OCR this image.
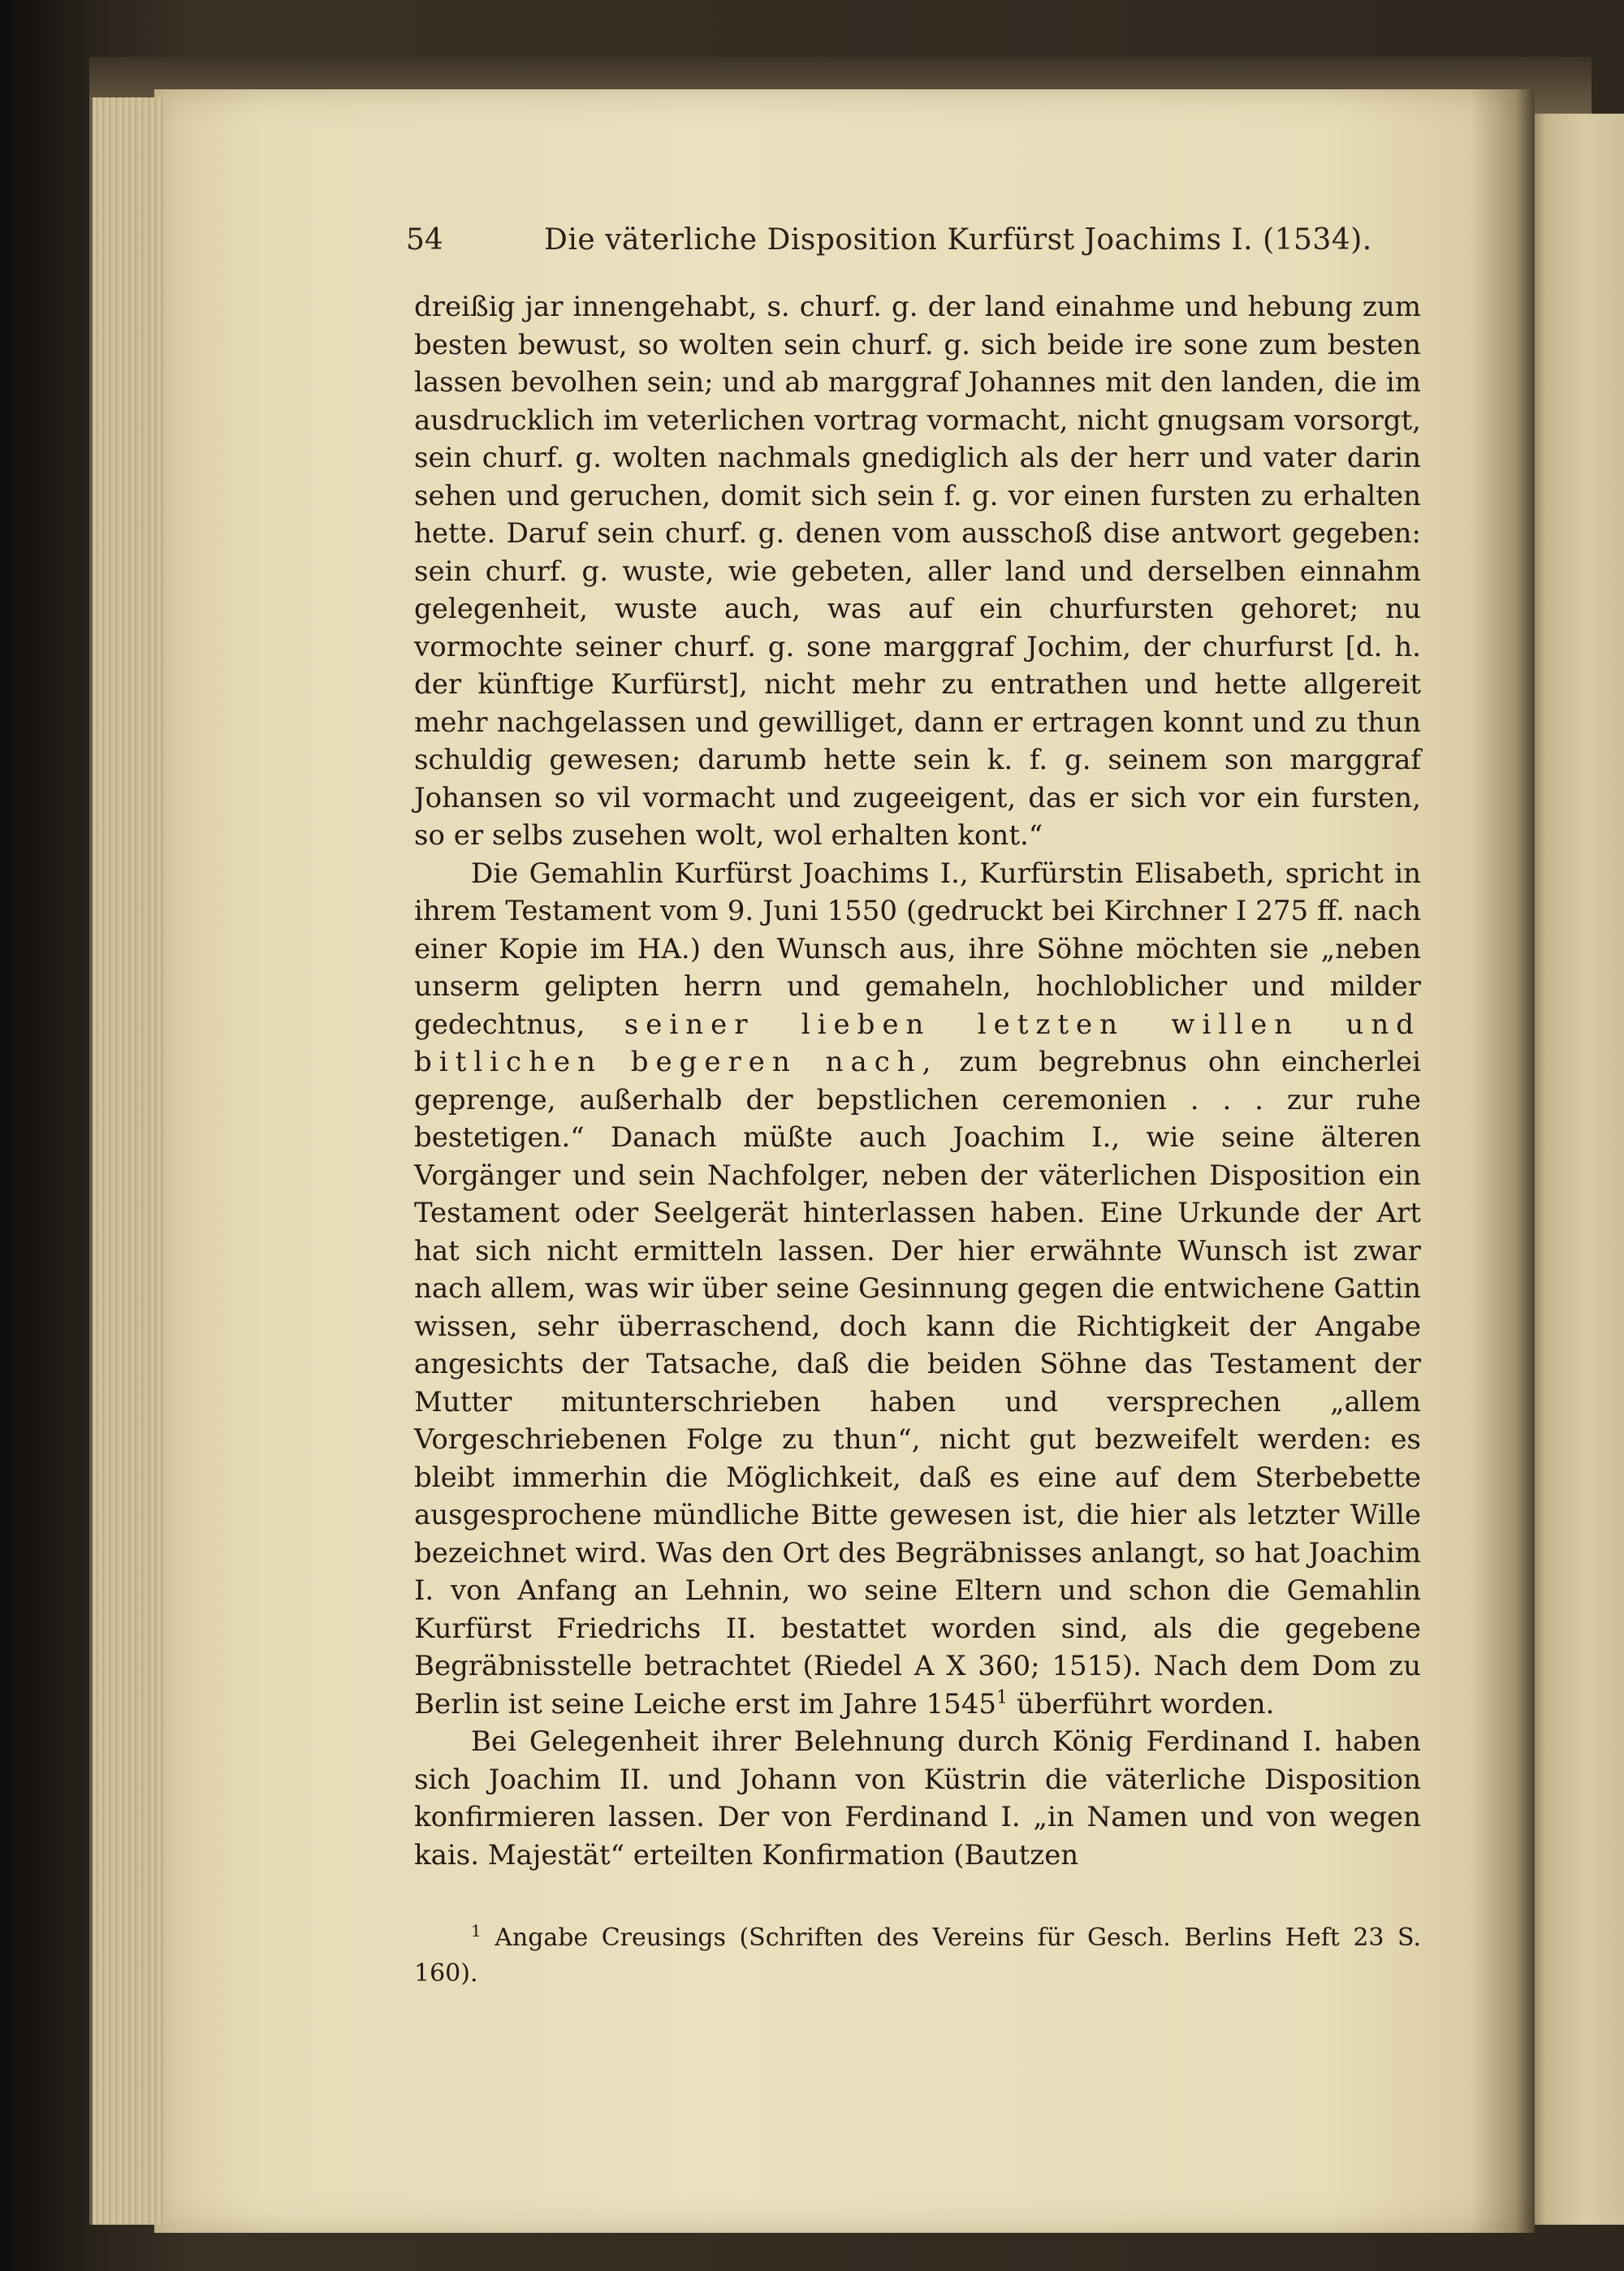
54	Die väterliche Disposition Kurfürst Joachims I. (1534).

dreißig jar innengehabt, s. churf. g. der land einahme und hebung zum besten bewust, so wolten sein churf. g. sich beide ire sone zum besten lassen bevolhen sein; und ab marggraf Johannes mit den landen, die im ausdrucklich im veterlichen vortrag vormacht, nicht gnugsam vorsorgt, sein churf. g. wolten nachmals gnediglich als der herr und vater darin sehen und geruchen, domit sich sein f. g. vor einen fursten zu erhalten hette. Daruf sein churf. g. denen vom ausschoß dise antwort gegeben: sein churf. g. wuste, wie gebeten, aller land und derselben einnahm gelegenheit, wuste auch, was auf ein churfursten gehoret; nu vormochte seiner churf. g. sone marggraf Jochim, der churfurst [d. h. der künftige Kurfürst], nicht mehr zu entrathen und hette allgereit mehr nachgelassen und gewilliget, dann er ertragen konnt und zu thun schuldig gewesen; darumb hette sein k. f. g. seinem son marggraf Johansen so vil vormacht und zugeeigent, das er sich vor ein fursten, so er selbs zusehen wolt, wol erhalten kont.“

Die Gemahlin Kurfürst Joachims I., Kurfürstin Elisabeth, spricht in ihrem Testament vom 9. Juni 1550 (gedruckt bei Kirchner I 275 ff. nach einer Kopie im HA.) den Wunsch aus, ihre Söhne möchten sie „neben unserm gelipten herrn und gemaheln, hochloblicher und milder gedechtnus, seiner lieben letzten willen und bitlichen begeren nach, zum begrebnus ohn eincherlei geprenge, außerhalb der bepstlichen ceremonien . . . zur ruhe bestetigen.“ Danach müßte auch Joachim I., wie seine älteren Vorgänger und sein Nachfolger, neben der väterlichen Disposition ein Testament oder Seelgerät hinterlassen haben. Eine Urkunde der Art hat sich nicht ermitteln lassen. Der hier erwähnte Wunsch ist zwar nach allem, was wir über seine Gesinnung gegen die entwichene Gattin wissen, sehr überraschend, doch kann die Richtigkeit der Angabe angesichts der Tatsache, daß die beiden Söhne das Testament der Mutter mitunterschrieben haben und versprechen „allem Vorgeschriebenen Folge zu thun“, nicht gut bezweifelt werden: es bleibt immerhin die Möglichkeit, daß es eine auf dem Sterbebette ausgesprochene mündliche Bitte gewesen ist, die hier als letzter Wille bezeichnet wird. Was den Ort des Begräbnisses anlangt, so hat Joachim I. von Anfang an Lehnin, wo seine Eltern und schon die Gemahlin Kurfürst Friedrichs II. bestattet worden sind, als die gegebene Begräbnisstelle betrachtet (Riedel A X 360; 1515). Nach dem Dom zu Berlin ist seine Leiche erst im Jahre 1545$^1$ überführt worden.

Bei Gelegenheit ihrer Belehnung durch König Ferdinand I. haben sich Joachim II. und Johann von Küstrin die väterliche Disposition konfirmieren lassen. Der von Ferdinand I. „in Namen und von wegen kais. Majestät“ erteilten Konfirmation (Bautzen

$^1$ Angabe Creusings (Schriften des Vereins für Gesch. Berlins Heft 23 S. 160).
